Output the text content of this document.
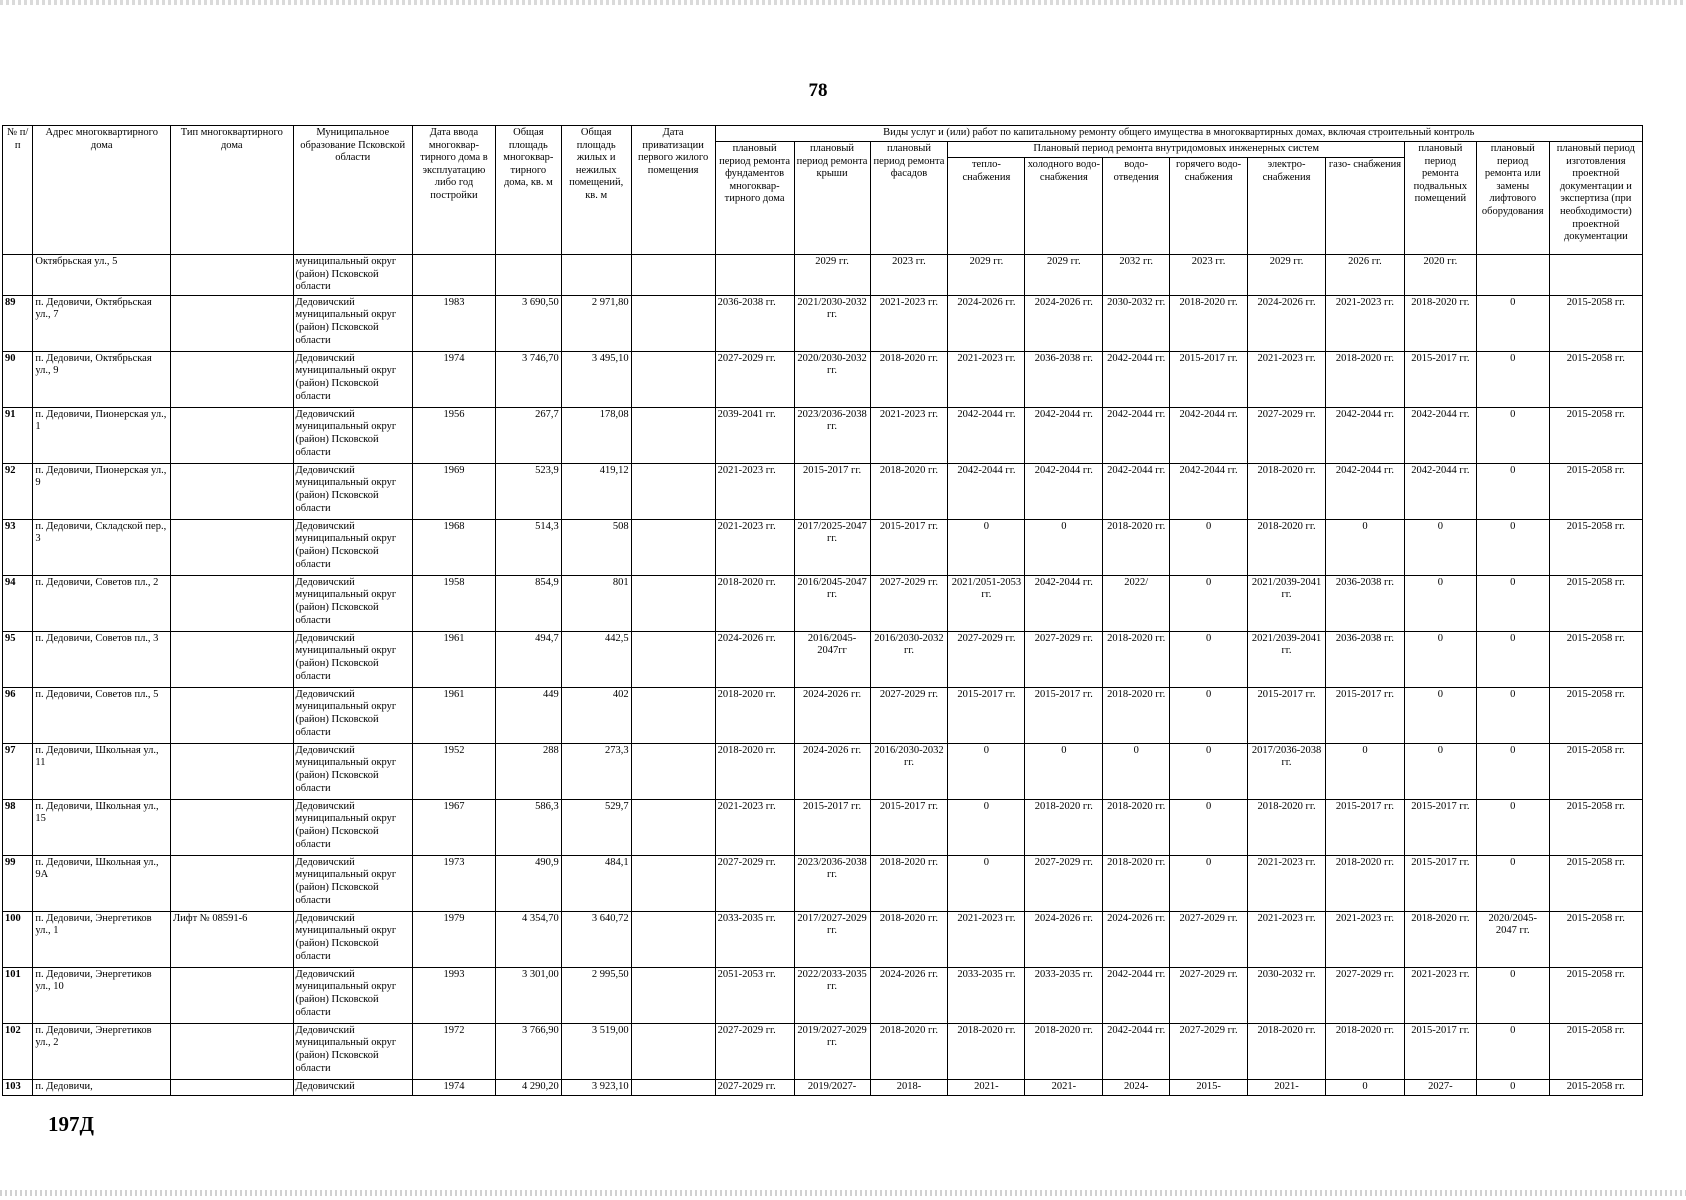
78
№ п/п	Адрес многоквартирного дома	Тип многоквартирного дома	Муниципальное образование Псковской области	Дата ввода многоквар- тирного дома в эксплуатацию либо год постройки	Общая площадь многоквар- тирного дома, кв. м	Общая площадь жилых и нежилых помещений, кв. м	Дата приватизации первого жилого помещения	Виды услуг и (или) работ по капитальному ремонту общего имущества в многоквартирных домах, включая строительный контроль											
								плановый период ремонта фундаментов многоквар- тирного дома	плановый период ремонта крыши	плановый период ремонта фасадов	Плановый период ремонта внутридомовых инженерных систем						плановый период ремонта подвальных помещений	плановый период ремонта или замены лифтового оборудования	плановый период изготовления проектной документации и экспертиза (при необходимости) проектной документации
											тепло- снабжения	холодного водо- снабжения	водо- отведения	горячего водо- снабжения	электро- снабжения	газо- снабжения			
	Октябрьская ул., 5		муниципальный округ (район) Псковской области						2029 гг.	2023 гг.	2029 гг.	2029 гг.	2032 гг.	2023 гг.	2029 гг.	2026 гг.	2020 гг.		
89	п. Дедовичи, Октябрьская ул., 7		Дедовичский муниципальный округ (район) Псковской области	1983	3 690,50	2 971,80		2036-2038 гг.	2021/2030-2032 гг.	2021-2023 гг.	2024-2026 гг.	2024-2026 гг.	2030-2032 гг.	2018-2020 гг.	2024-2026 гг.	2021-2023 гг.	2018-2020 гг.	0	2015-2058 гг.
90	п. Дедовичи, Октябрьская ул., 9		Дедовичский муниципальный округ (район) Псковской области	1974	3 746,70	3 495,10		2027-2029 гг.	2020/2030-2032 гг.	2018-2020 гг.	2021-2023 гг.	2036-2038 гг.	2042-2044 гг.	2015-2017 гг.	2021-2023 гг.	2018-2020 гг.	2015-2017 гг.	0	2015-2058 гг.
91	п. Дедовичи, Пионерская ул., 1		Дедовичский муниципальный округ (район) Псковской области	1956	267,7	178,08		2039-2041 гг.	2023/2036-2038 гг.	2021-2023 гг.	2042-2044 гг.	2042-2044 гг.	2042-2044 гг.	2042-2044 гг.	2027-2029 гг.	2042-2044 гг.	2042-2044 гг.	0	2015-2058 гг.
92	п. Дедовичи, Пионерская ул., 9		Дедовичский муниципальный округ (район) Псковской области	1969	523,9	419,12		2021-2023 гг.	2015-2017 гг.	2018-2020 гг.	2042-2044 гг.	2042-2044 гг.	2042-2044 гг.	2042-2044 гг.	2018-2020 гг.	2042-2044 гг.	2042-2044 гг.	0	2015-2058 гг.
93	п. Дедовичи, Складской пер., 3		Дедовичский муниципальный округ (район) Псковской области	1968	514,3	508		2021-2023 гг.	2017/2025-2047 гг.	2015-2017 гг.	0	0	2018-2020 гг.	0	2018-2020 гг.	0	0	0	2015-2058 гг.
94	п. Дедовичи, Советов пл., 2		Дедовичский муниципальный округ (район) Псковской области	1958	854,9	801		2018-2020 гг.	2016/2045-2047 гг.	2027-2029 гг.	2021/2051-2053 гг.	2042-2044 гг.	2022/	0	2021/2039-2041 гг.	2036-2038 гг.	0	0	2015-2058 гг.
95	п. Дедовичи, Советов пл., 3		Дедовичский муниципальный округ (район) Псковской области	1961	494,7	442,5		2024-2026 гг.	2016/2045-2047гг	2016/2030-2032 гг.	2027-2029 гг.	2027-2029 гг.	2018-2020 гг.	0	2021/2039-2041 гг.	2036-2038 гг.	0	0	2015-2058 гг.
96	п. Дедовичи, Советов пл., 5		Дедовичский муниципальный округ (район) Псковской области	1961	449	402		2018-2020 гг.	2024-2026 гг.	2027-2029 гг.	2015-2017 гг.	2015-2017 гг.	2018-2020 гг.	0	2015-2017 гг.	2015-2017 гг.	0	0	2015-2058 гг.
97	п. Дедовичи, Школьная ул., 11		Дедовичский муниципальный округ (район) Псковской области	1952	288	273,3		2018-2020 гг.	2024-2026 гг.	2016/2030-2032 гг.	0	0	0	0	2017/2036-2038 гг.	0	0	0	2015-2058 гг.
98	п. Дедовичи, Школьная ул., 15		Дедовичский муниципальный округ (район) Псковской области	1967	586,3	529,7		2021-2023 гг.	2015-2017 гг.	2015-2017 гг.	0	2018-2020 гг.	2018-2020 гг.	0	2018-2020 гг.	2015-2017 гг.	2015-2017 гг.	0	2015-2058 гг.
99	п. Дедовичи, Школьная ул., 9А		Дедовичский муниципальный округ (район) Псковской области	1973	490,9	484,1		2027-2029 гг.	2023/2036-2038 гг.	2018-2020 гг.	0	2027-2029 гг.	2018-2020 гг.	0	2021-2023 гг.	2018-2020 гг.	2015-2017 гг.	0	2015-2058 гг.
100	п. Дедовичи, Энергетиков ул., 1	Лифт № 08591-6	Дедовичский муниципальный округ (район) Псковской области	1979	4 354,70	3 640,72		2033-2035 гг.	2017/2027-2029 гг.	2018-2020 гг.	2021-2023 гг.	2024-2026 гг.	2024-2026 гг.	2027-2029 гг.	2021-2023 гг.	2021-2023 гг.	2018-2020 гг.	2020/2045-2047 гг.	2015-2058 гг.
101	п. Дедовичи, Энергетиков ул., 10		Дедовичский муниципальный округ (район) Псковской области	1993	3 301,00	2 995,50		2051-2053 гг.	2022/2033-2035 гг.	2024-2026 гг.	2033-2035 гг.	2033-2035 гг.	2042-2044 гг.	2027-2029 гг.	2030-2032 гг.	2027-2029 гг.	2021-2023 гг.	0	2015-2058 гг.
102	п. Дедовичи, Энергетиков ул., 2		Дедовичский муниципальный округ (район) Псковской области	1972	3 766,90	3 519,00		2027-2029 гг.	2019/2027-2029 гг.	2018-2020 гг.	2018-2020 гг.	2018-2020 гг.	2042-2044 гг.	2027-2029 гг.	2018-2020 гг.	2018-2020 гг.	2015-2017 гг.	0	2015-2058 гг.
103	п. Дедовичи,		Дедовичский	1974	4 290,20	3 923,10		2027-2029 гг.	2019/2027-	2018-	2021-	2021-	2024-	2015-	2021-	0	2027-	0	2015-2058 гг.
197Д
